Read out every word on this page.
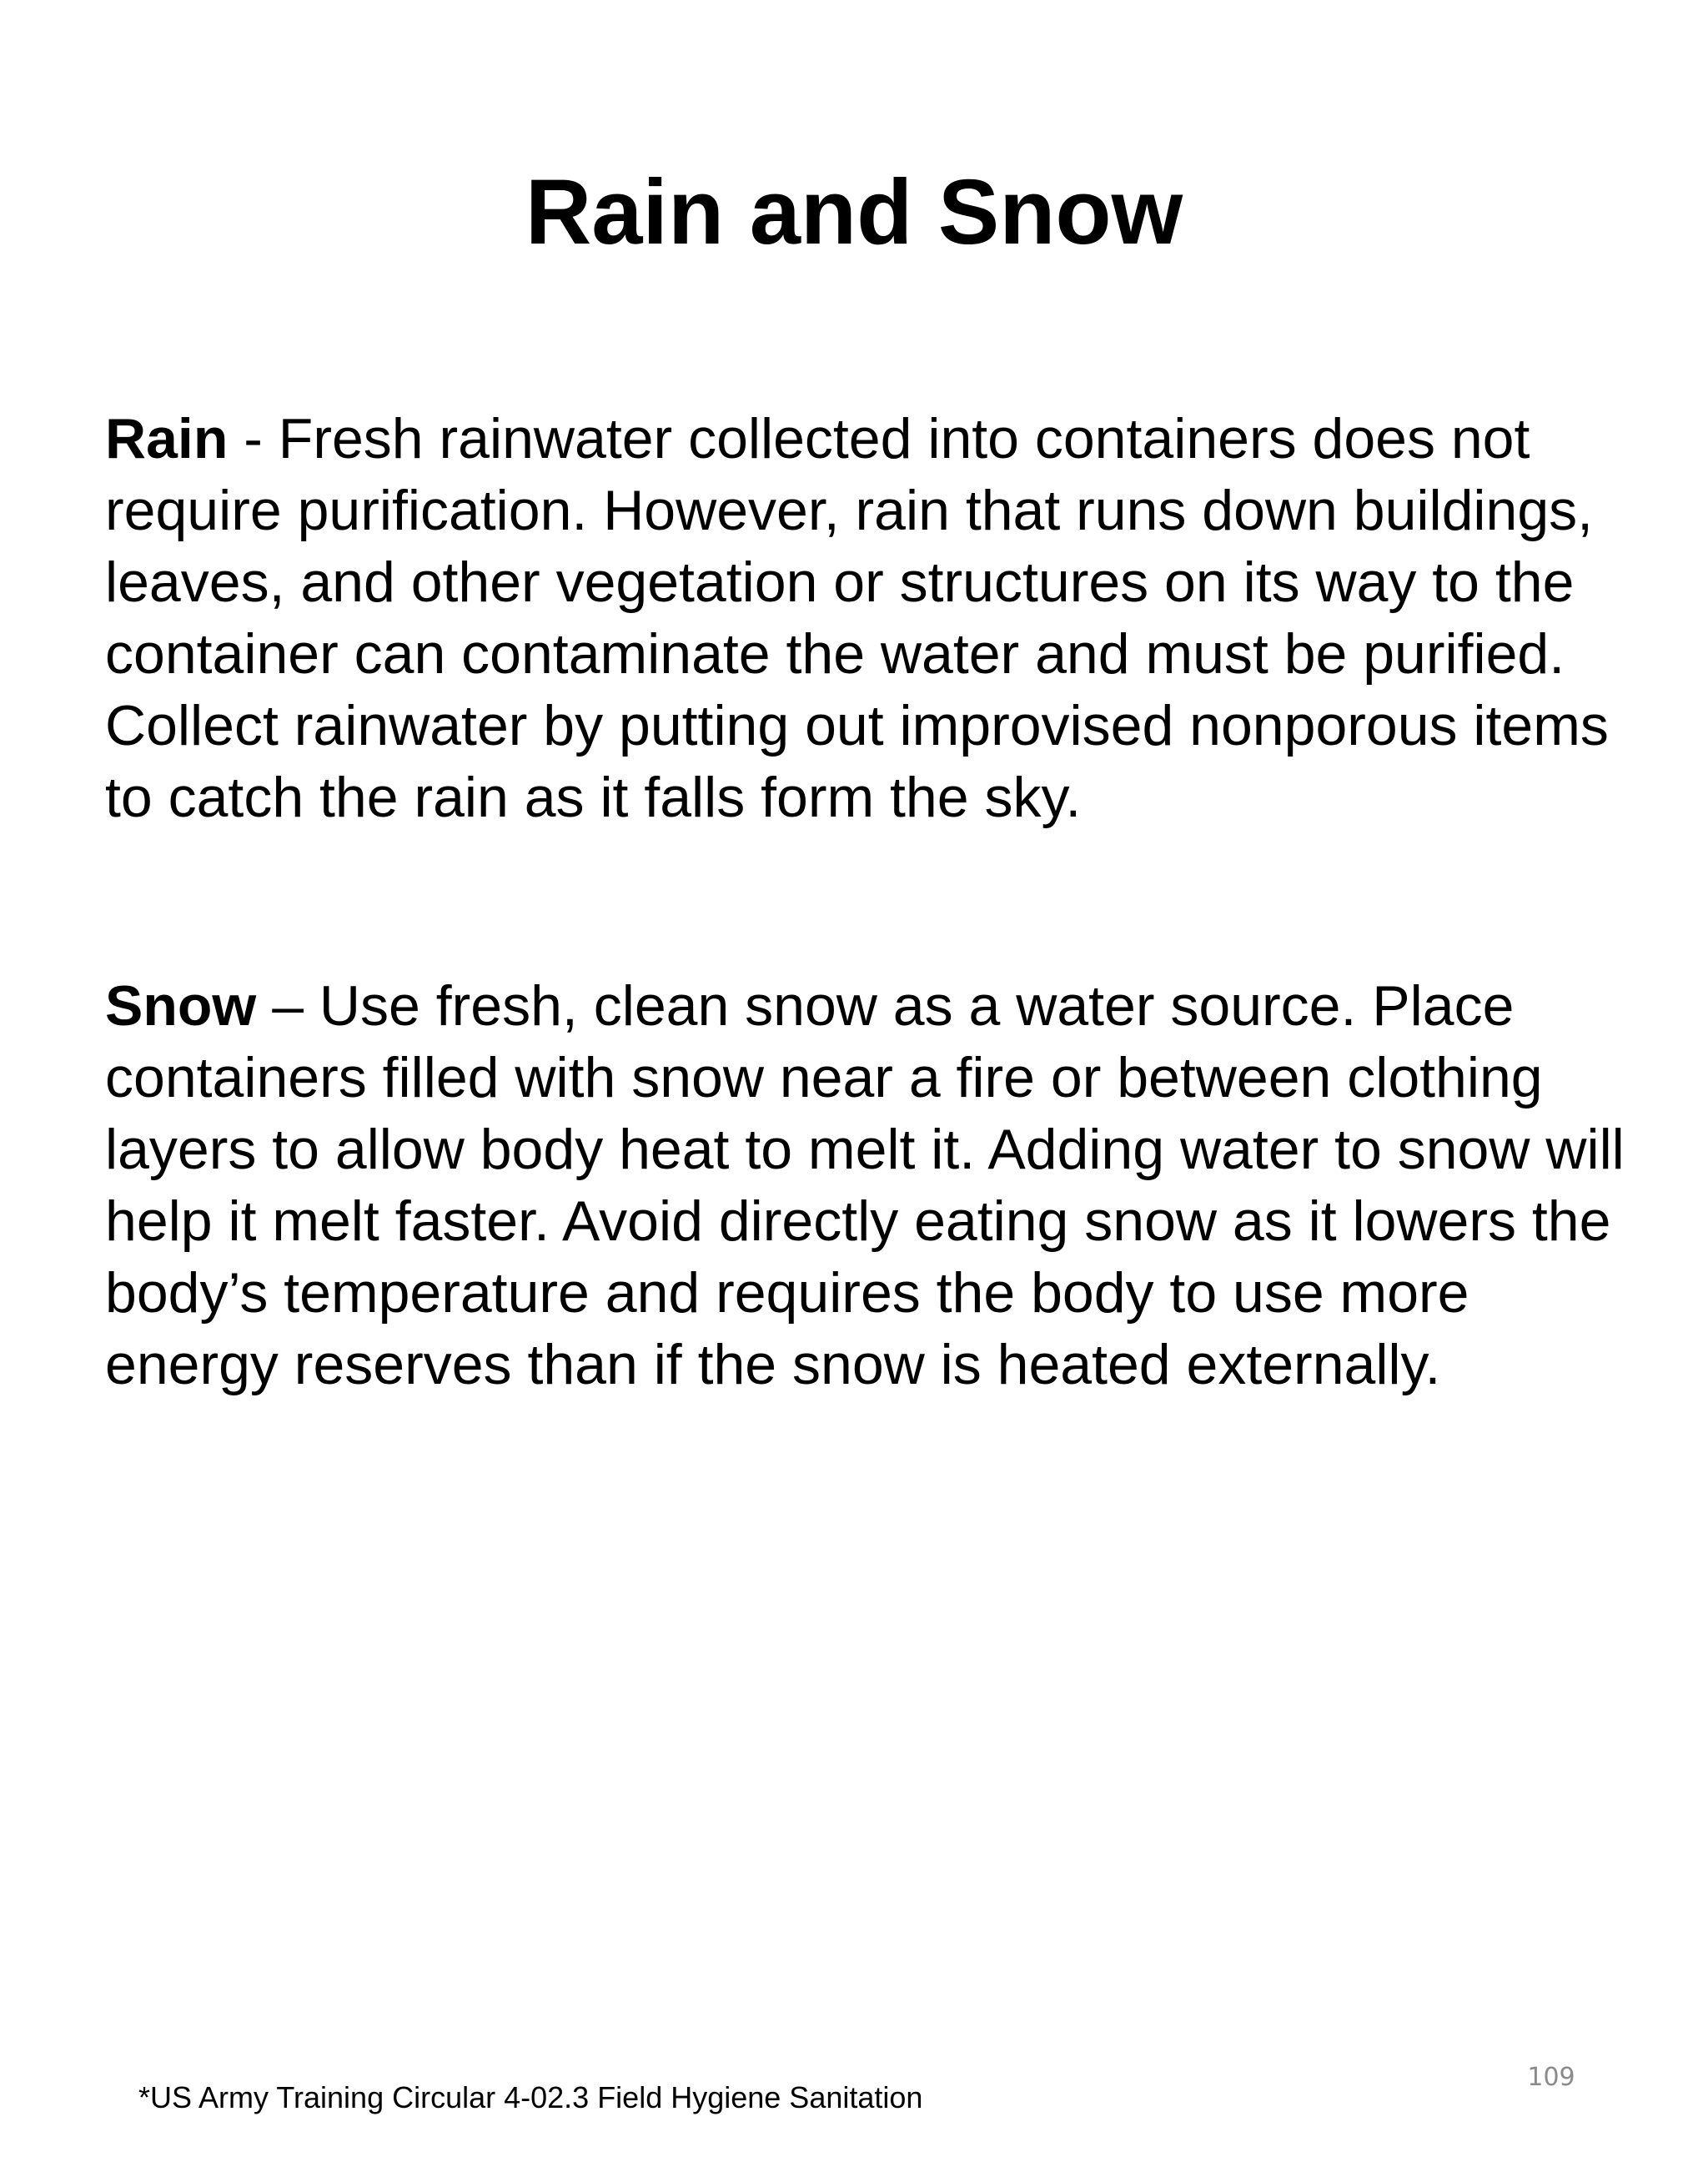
Rain and Snow

Rain - Fresh rainwater collected into containers does not require purification. However, rain that runs down buildings, leaves, and other vegetation or structures on its way to the container can contaminate the water and must be purified. Collect rainwater by putting out improvised nonporous items to catch the rain as it falls form the sky.

Snow – Use fresh, clean snow as a water source. Place containers filled with snow near a fire or between clothing layers to allow body heat to melt it. Adding water to snow will help it melt faster. Avoid directly eating snow as it lowers the body’s temperature and requires the body to use more energy reserves than if the snow is heated externally.

109
*US Army Training Circular 4-02.3 Field Hygiene Sanitation
